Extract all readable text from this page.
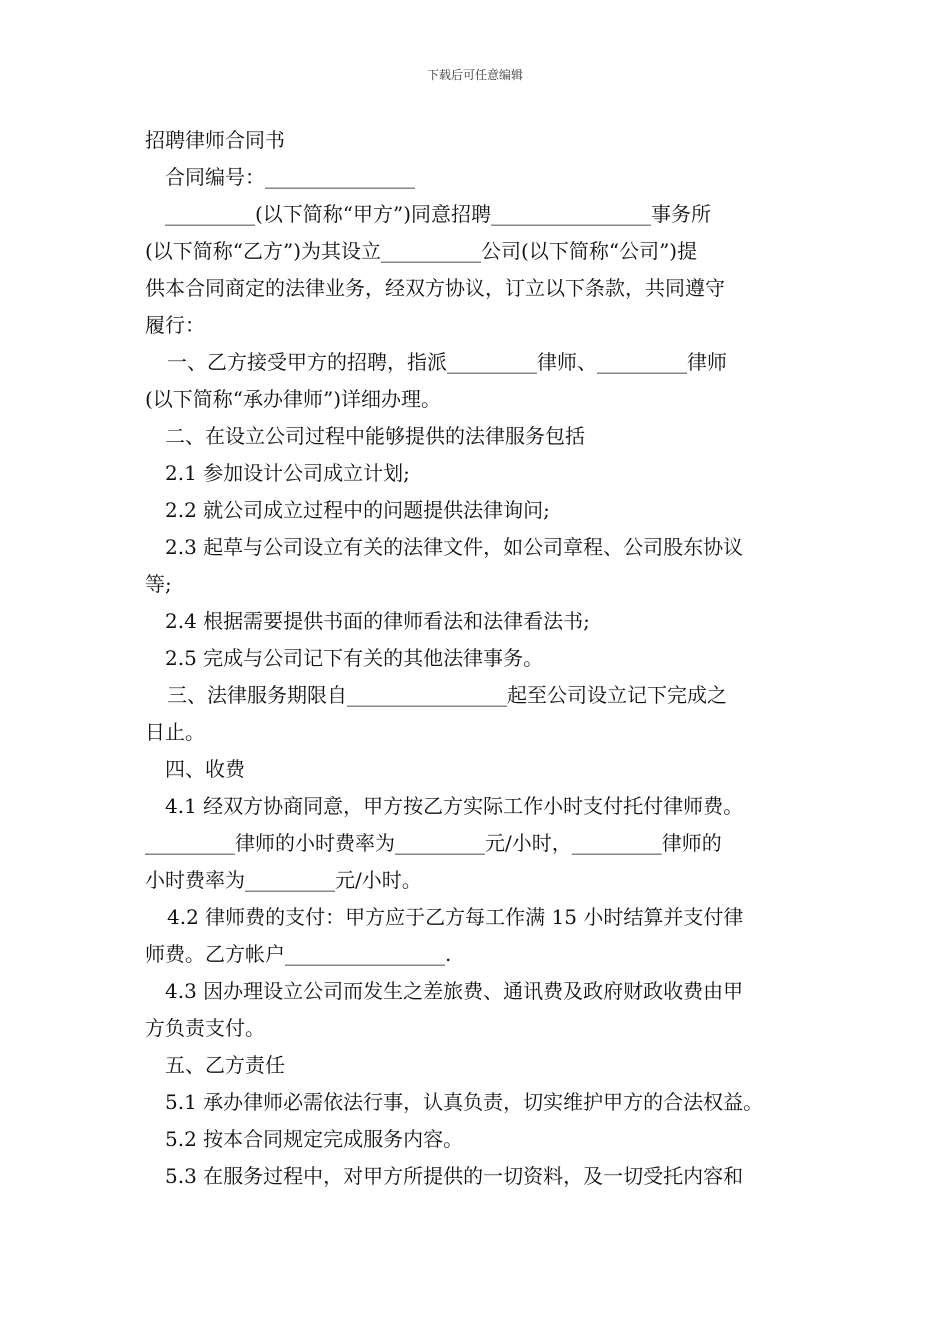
下载后可任意编辑
招聘律师合同书
合同编号：_______________
_________(以下简称“甲方”)同意招聘________________事务所
(以下简称“乙方”)为其设立__________公司(以下简称“公司”)提
供本合同商定的法律业务，经双方协议，订立以下条款，共同遵守
履行：
一、乙方接受甲方的招聘，指派_________律师、_________律师
(以下简称“承办律师”)详细办理。
二、在设立公司过程中能够提供的法律服务包括
2.1 参加设计公司成立计划;
2.2 就公司成立过程中的问题提供法律询问;
2.3 起草与公司设立有关的法律文件，如公司章程、公司股东协议
等;
2.4 根据需要提供书面的律师看法和法律看法书;
2.5 完成与公司记下有关的其他法律事务。
三、法律服务期限自________________起至公司设立记下完成之
日止。
四、收费
4.1 经双方协商同意，甲方按乙方实际工作小时支付托付律师费。
_________律师的小时费率为_________元/小时，_________律师的
小时费率为_________元/小时。
4.2 律师费的支付：甲方应于乙方每工作满 15 小时结算并支付律
师费。乙方帐户________________.
4.3 因办理设立公司而发生之差旅费、通讯费及政府财政收费由甲
方负责支付。
五、乙方责任
5.1 承办律师必需依法行事，认真负责，切实维护甲方的合法权益。
5.2 按本合同规定完成服务内容。
5.3 在服务过程中，对甲方所提供的一切资料，及一切受托内容和
